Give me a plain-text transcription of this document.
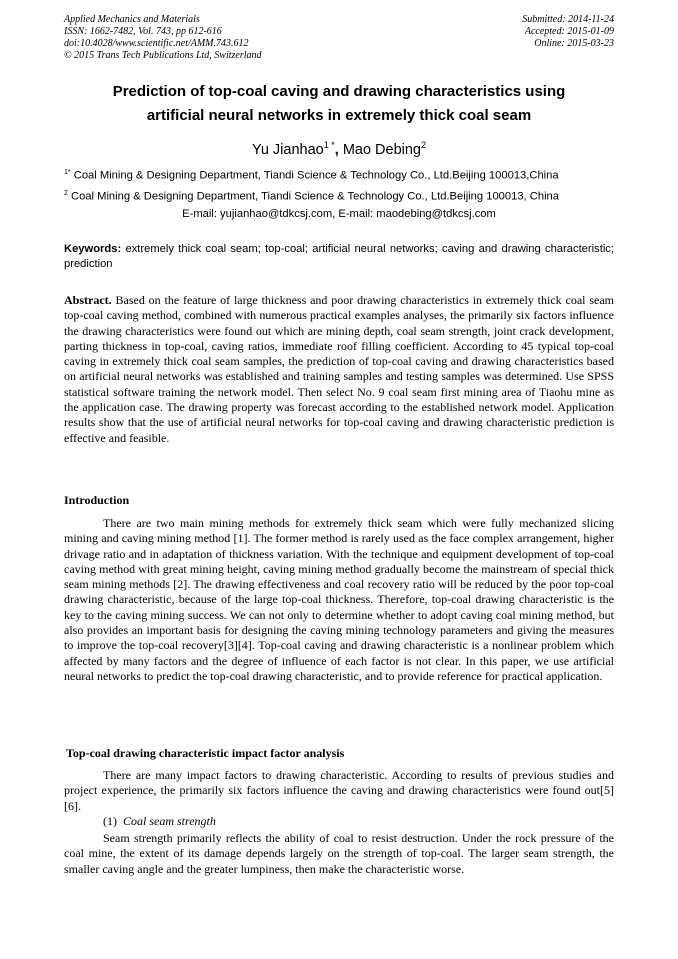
Applied Mechanics and Materials
ISSN: 1662-7482, Vol. 743, pp 612-616
doi:10.4028/www.scientific.net/AMM.743.612
© 2015 Trans Tech Publications Ltd, Switzerland
Submitted: 2014-11-24
Accepted: 2015-01-09
Online: 2015-03-23
Prediction of top-coal caving and drawing characteristics using
artificial neural networks in extremely thick coal seam
Yu Jianhao$^{1 *}$, Mao Debing$^2$
$^{1*}$ Coal Mining & Designing Department, Tiandi Science & Technology Co., Ltd.Beijing 100013,China
$^2$ Coal Mining & Designing Department, Tiandi Science & Technology Co., Ltd.Beijing 100013, China
E-mail: yujianhao@tdkcsj.com, E-mail: maodebing@tdkcsj.com
Keywords: extremely thick coal seam; top-coal; artificial neural networks; caving and drawing characteristic; prediction
Abstract. Based on the feature of large thickness and poor drawing characteristics in extremely thick coal seam top-coal caving method, combined with numerous practical examples analyses, the primarily six factors influence the drawing characteristics were found out which are mining depth, coal seam strength, joint crack development, parting thickness in top-coal, caving ratios, immediate roof filling coefficient. According to 45 typical top-coal caving in extremely thick coal seam samples, the prediction of top-coal caving and drawing characteristics based on artificial neural networks was established and training samples and testing samples was determined. Use SPSS statistical software training the network model. Then select No. 9 coal seam first mining area of Tiaohu mine as the application case. The drawing property was forecast according to the established network model. Application results show that the use of artificial neural networks for top-coal caving and drawing characteristic prediction is effective and feasible.
Introduction
There are two main mining methods for extremely thick seam which were fully mechanized slicing mining and caving mining method [1]. The former method is rarely used as the face complex arrangement, higher drivage ratio and in adaptation of thickness variation. With the technique and equipment development of top-coal caving method with great mining height, caving mining method gradually become the mainstream of special thick seam mining methods [2]. The drawing effectiveness and coal recovery ratio will be reduced by the poor top-coal drawing characteristic, because of the large top-coal thickness. Therefore, top-coal drawing characteristic is the key to the caving mining success. We can not only to determine whether to adopt caving coal mining method, but also provides an important basis for designing the caving mining technology parameters and giving the measures to improve the top-coal recovery[3][4]. Top-coal caving and drawing characteristic is a nonlinear problem which affected by many factors and the degree of influence of each factor is not clear. In this paper, we use artificial neural networks to predict the top-coal drawing characteristic, and to provide reference for practical application.
Top-coal drawing characteristic impact factor analysis
There are many impact factors to drawing characteristic. According to results of previous studies and project experience, the primarily six factors influence the caving and drawing characteristics were found out[5][6].
(1) Coal seam strength
Seam strength primarily reflects the ability of coal to resist destruction. Under the rock pressure of the coal mine, the extent of its damage depends largely on the strength of top-coal. The larger seam strength, the smaller caving angle and the greater lumpiness, then make the characteristic worse.
